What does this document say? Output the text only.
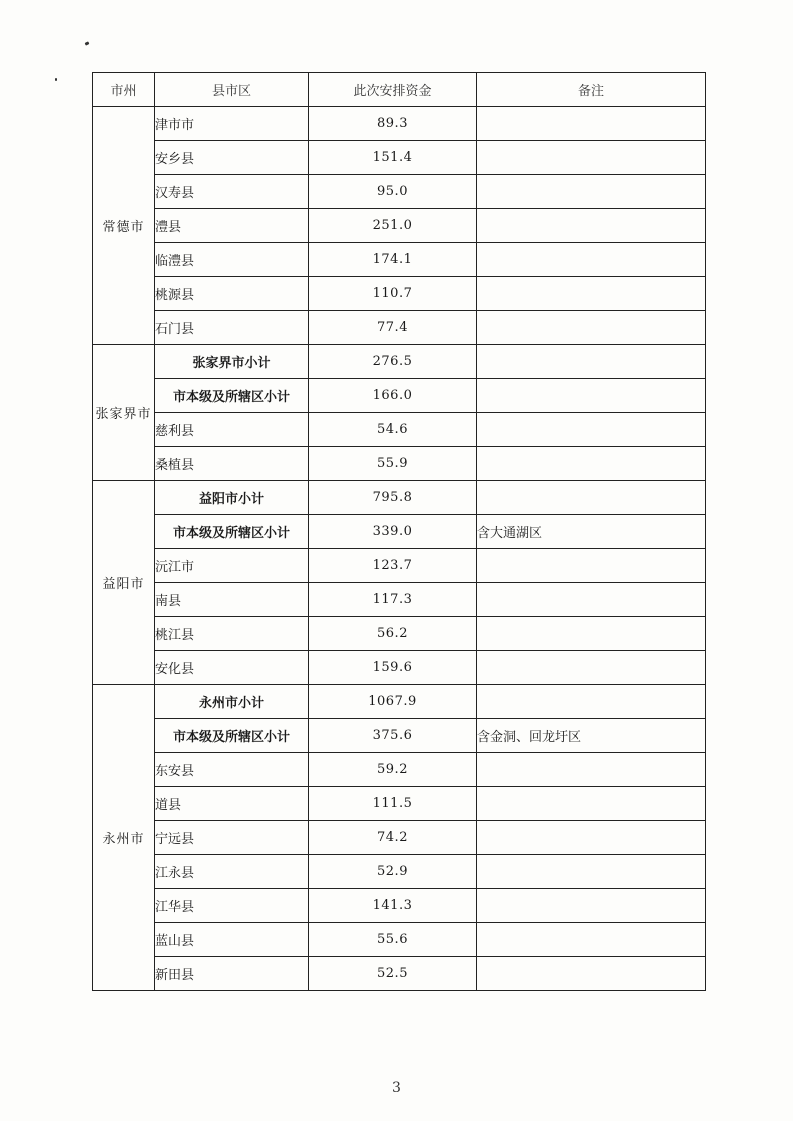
市州	县市区	此次安排资金	备注
常德市	津市市	89.3	
	安乡县	151.4	
	汉寿县	95.0	
	澧县	251.0	
	临澧县	174.1	
	桃源县	110.7	
	石门县	77.4	
张家界市	张家界市小计	276.5	
	市本级及所辖区小计	166.0	
	慈利县	54.6	
	桑植县	55.9	
益阳市	益阳市小计	795.8	
	市本级及所辖区小计	339.0	含大通湖区
	沅江市	123.7	
	南县	117.3	
	桃江县	56.2	
	安化县	159.6	
永州市	永州市小计	1067.9	
	市本级及所辖区小计	375.6	含金洞、回龙圩区
	东安县	59.2	
	道县	111.5	
	宁远县	74.2	
	江永县	52.9	
	江华县	141.3	
	蓝山县	55.6	
	新田县	52.5	
3
